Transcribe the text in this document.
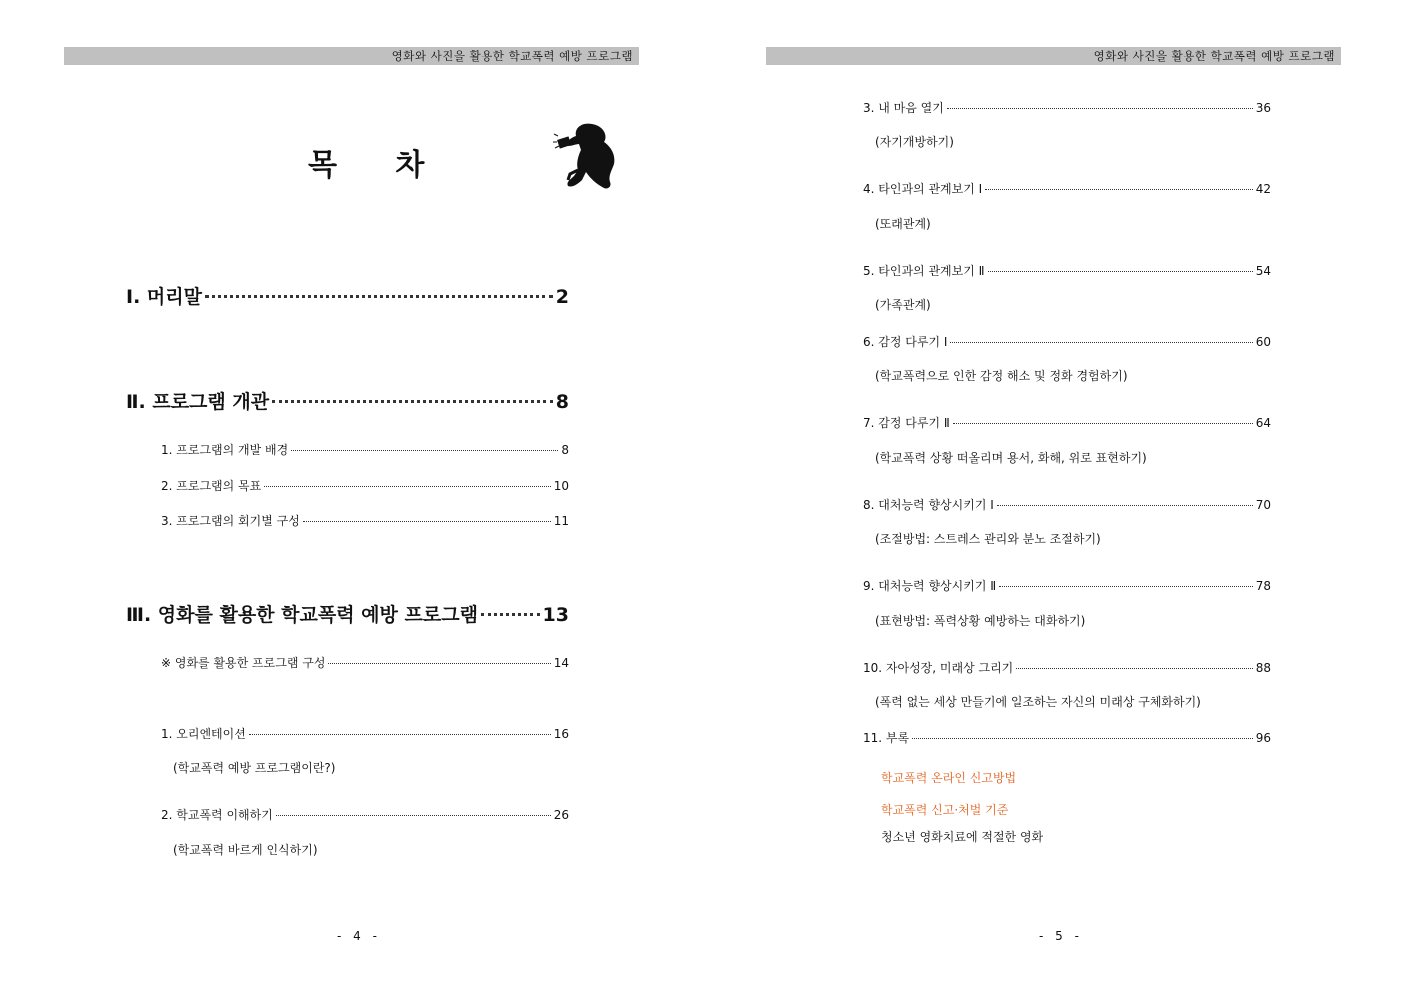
영화와 사진을 활용한 학교폭력 예방 프로그램	영화와 사진을 활용한 학교폭력 예방 프로그램
목 차
I. 머리말	2
Ⅱ. 프로그램 개관	8
1. 프로그램의 개발 배경	8
2. 프로그램의 목표	10
3. 프로그램의 회기별 구성	11
Ⅲ. 영화를 활용한 학교폭력 예방 프로그램	13
※ 영화를 활용한 프로그램 구성	14
1. 오리엔테이션	16
(학교폭력 예방 프로그램이란?)
2. 학교폭력 이해하기	26
(학교폭력 바르게 인식하기)
- 4 -
3. 내 마음 열기	36
(자기개방하기)
4. 타인과의 관계보기 Ⅰ	42
(또래관계)
5. 타인과의 관계보기 Ⅱ	54
(가족관계)
6. 감정 다루기 Ⅰ	60
(학교폭력으로 인한 감정 해소 및 정화 경험하기)
7. 감정 다루기 Ⅱ	64
(학교폭력 상황 떠올리며 용서, 화해, 위로 표현하기)
8. 대처능력 향상시키기 Ⅰ	70
(조절방법: 스트레스 관리와 분노 조절하기)
9. 대처능력 향상시키기 Ⅱ	78
(표현방법: 폭력상황 예방하는 대화하기)
10. 자아성장, 미래상 그리기	88
(폭력 없는 세상 만들기에 일조하는 자신의 미래상 구체화하기)
11. 부록	96
학교폭력 온라인 신고방법
학교폭력 신고·처벌 기준
청소년 영화치료에 적절한 영화
- 5 -
